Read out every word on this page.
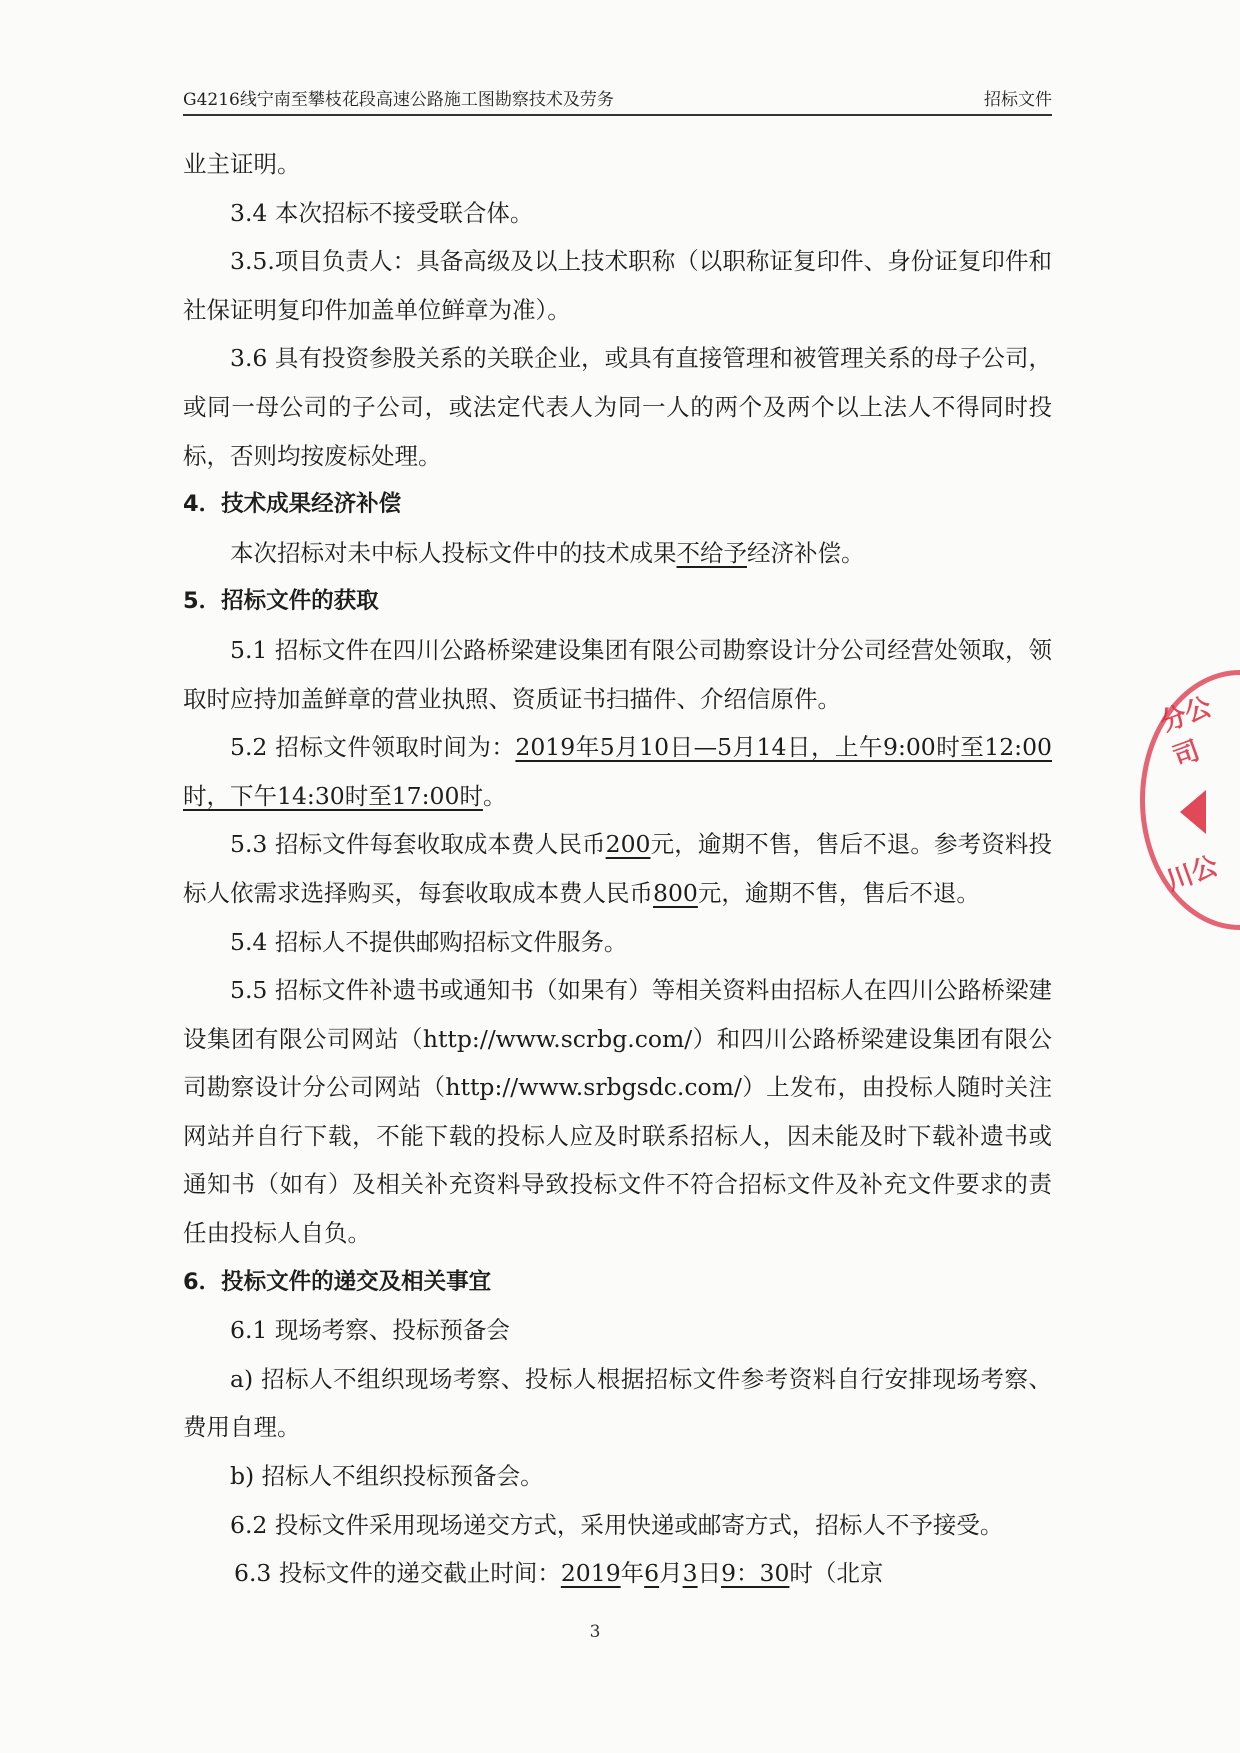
G4216线宁南至攀枝花段高速公路施工图勘察技术及劳务	招标文件

业主证明。

3.4 本次招标不接受联合体。

3.5.项目负责人：具备高级及以上技术职称（以职称证复印件、身份证复印件和社保证明复印件加盖单位鲜章为准）。

3.6 具有投资参股关系的关联企业，或具有直接管理和被管理关系的母子公司，或同一母公司的子公司，或法定代表人为同一人的两个及两个以上法人不得同时投标，否则均按废标处理。

4．技术成果经济补偿

本次招标对未中标人投标文件中的技术成果不给予经济补偿。

5．招标文件的获取

5.1 招标文件在四川公路桥梁建设集团有限公司勘察设计分公司经营处领取，领取时应持加盖鲜章的营业执照、资质证书扫描件、介绍信原件。

5.2 招标文件领取时间为：2019年5月10日—5月14日，上午9:00时至12:00时，下午14:30时至17:00时。

5.3 招标文件每套收取成本费人民币200元，逾期不售，售后不退。参考资料投标人依需求选择购买，每套收取成本费人民币800元，逾期不售，售后不退。

5.4 招标人不提供邮购招标文件服务。

5.5 招标文件补遗书或通知书（如果有）等相关资料由招标人在四川公路桥梁建设集团有限公司网站（http://www.scrbg.com/）和四川公路桥梁建设集团有限公司勘察设计分公司网站（http://www.srbgsdc.com/）上发布，由投标人随时关注网站并自行下载，不能下载的投标人应及时联系招标人，因未能及时下载补遗书或通知书（如有）及相关补充资料导致投标文件不符合招标文件及补充文件要求的责任由投标人自负。

6．投标文件的递交及相关事宜

6.1 现场考察、投标预备会

a) 招标人不组织现场考察、投标人根据招标文件参考资料自行安排现场考察、费用自理。

b) 招标人不组织投标预备会。

6.2 投标文件采用现场递交方式，采用快递或邮寄方式，招标人不予接受。

6.3 投标文件的递交截止时间：2019年6月3日9：30时（北京

分公司
川公
3
